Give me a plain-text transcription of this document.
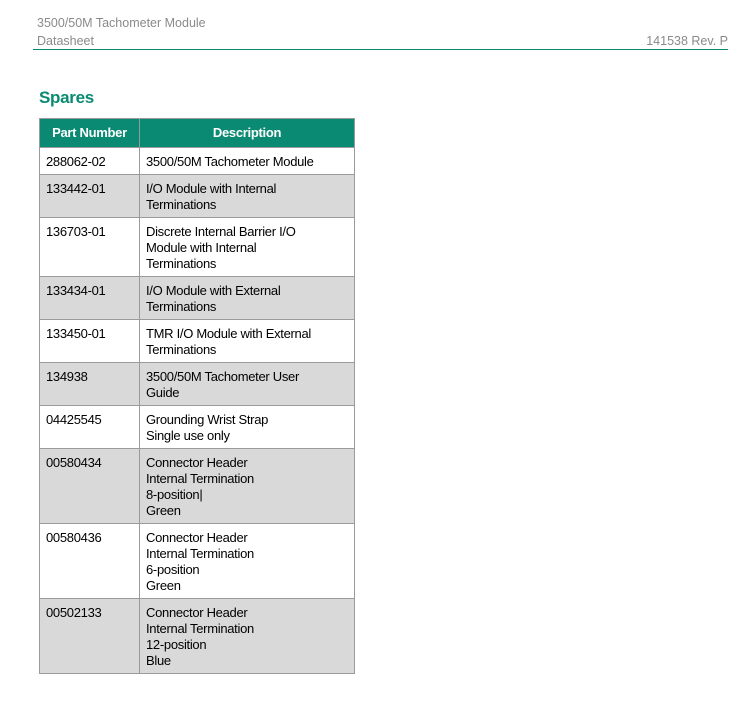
3500/50M Tachometer Module
Datasheet	141538 Rev. P
Spares
Part Number	Description
288062-02	3500/50M Tachometer Module

133442-01	I/O Module with Internal
Terminations

136703-01	Discrete Internal Barrier I/O
Module with Internal
Terminations

133434-01	I/O Module with External
Terminations

133450-01	TMR I/O Module with External
Terminations

134938	3500/50M Tachometer User
Guide

04425545	Grounding Wrist Strap
Single use only

00580434	Connector Header
Internal Termination
8-position|
Green

00580436	Connector Header
Internal Termination
6-position
Green

00502133	Connector Header
Internal Termination
12-position
Blue
